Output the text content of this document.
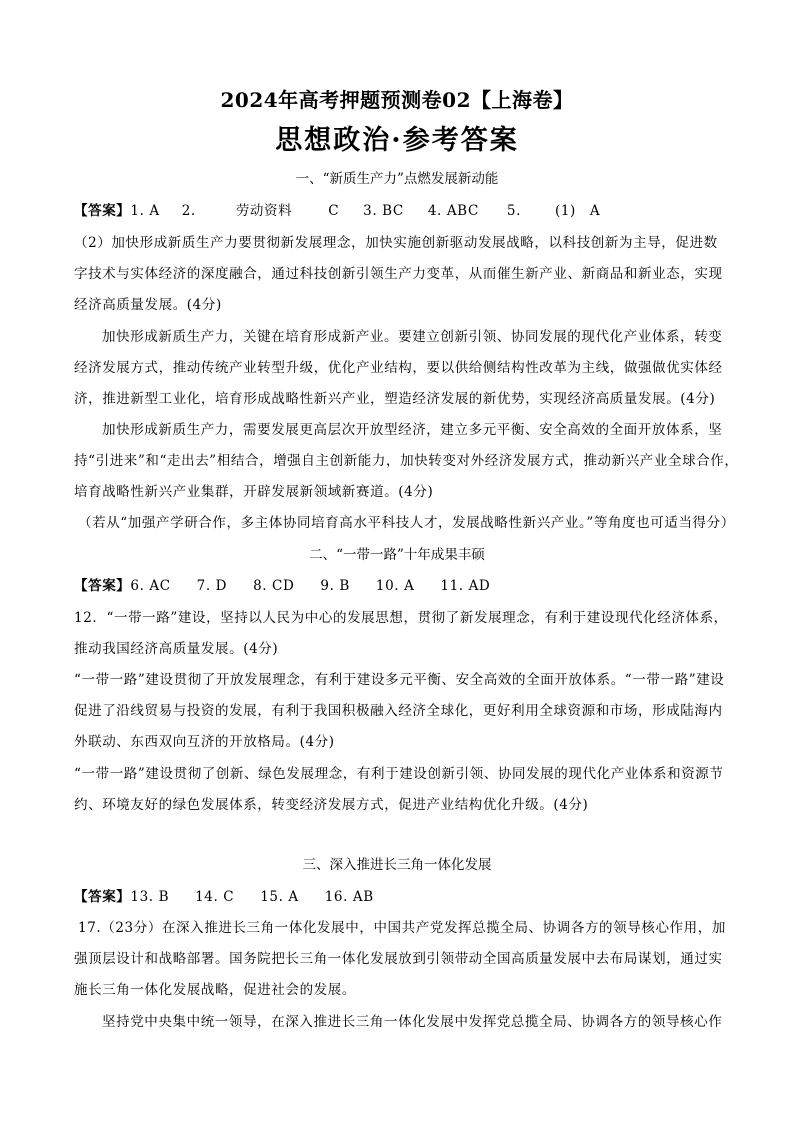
2024年高考押题预测卷02【上海卷】
思想政治·参考答案
一、“新质生产力”点燃发展新动能
【答案】1. A 2.	劳动资料	C 3. BC 4. ABC 5.	(1) A
（2）加快形成新质生产力要贯彻新发展理念，加快实施创新驱动发展战略，以科技创新为主导，促进数
字技术与实体经济的深度融合，通过科技创新引领生产力变革，从而催生新产业、新商品和新业态，实现
经济高质量发展。(4分)
加快形成新质生产力，关键在培育形成新产业。要建立创新引领、协同发展的现代化产业体系，转变
经济发展方式，推动传统产业转型升级，优化产业结构，要以供给侧结构性改革为主线，做强做优实体经
济，推进新型工业化，培育形成战略性新兴产业，塑造经济发展的新优势，实现经济高质量发展。(4分)
加快形成新质生产力，需要发展更高层次开放型经济，建立多元平衡、安全高效的全面开放体系，坚
持“引进来”和“走出去”相结合，增强自主创新能力，加快转变对外经济发展方式，推动新兴产业全球合作，
培育战略性新兴产业集群，开辟发展新领域新赛道。(4分)
（若从“加强产学研合作，多主体协同培育高水平科技人才，发展战略性新兴产业。”等角度也可适当得分）
二、“一带一路”十年成果丰硕
【答案】6. AC 7. D 8. CD 9. B 10. A 11. AD
12．“一带一路”建设，坚持以人民为中心的发展思想，贯彻了新发展理念，有利于建设现代化经济体系，
推动我国经济高质量发展。(4分)
“一带一路”建设贯彻了开放发展理念，有利于建设多元平衡、安全高效的全面开放体系。“一带一路”建设
促进了沿线贸易与投资的发展，有利于我国积极融入经济全球化，更好利用全球资源和市场，形成陆海内
外联动、东西双向互济的开放格局。(4分)
“一带一路”建设贯彻了创新、绿色发展理念，有利于建设创新引领、协同发展的现代化产业体系和资源节
约、环境友好的绿色发展体系，转变经济发展方式，促进产业结构优化升级。(4分)
三、深入推进长三角一体化发展
【答案】13. B 14. C 15. A 16. AB
17.（23分）在深入推进长三角一体化发展中，中国共产党发挥总揽全局、协调各方的领导核心作用，加
强顶层设计和战略部署。国务院把长三角一体化发展放到引领带动全国高质量发展中去布局谋划，通过实
施长三角一体化发展战略，促进社会的发展。
坚持党中央集中统一领导，在深入推进长三角一体化发展中发挥党总揽全局、协调各方的领导核心作
